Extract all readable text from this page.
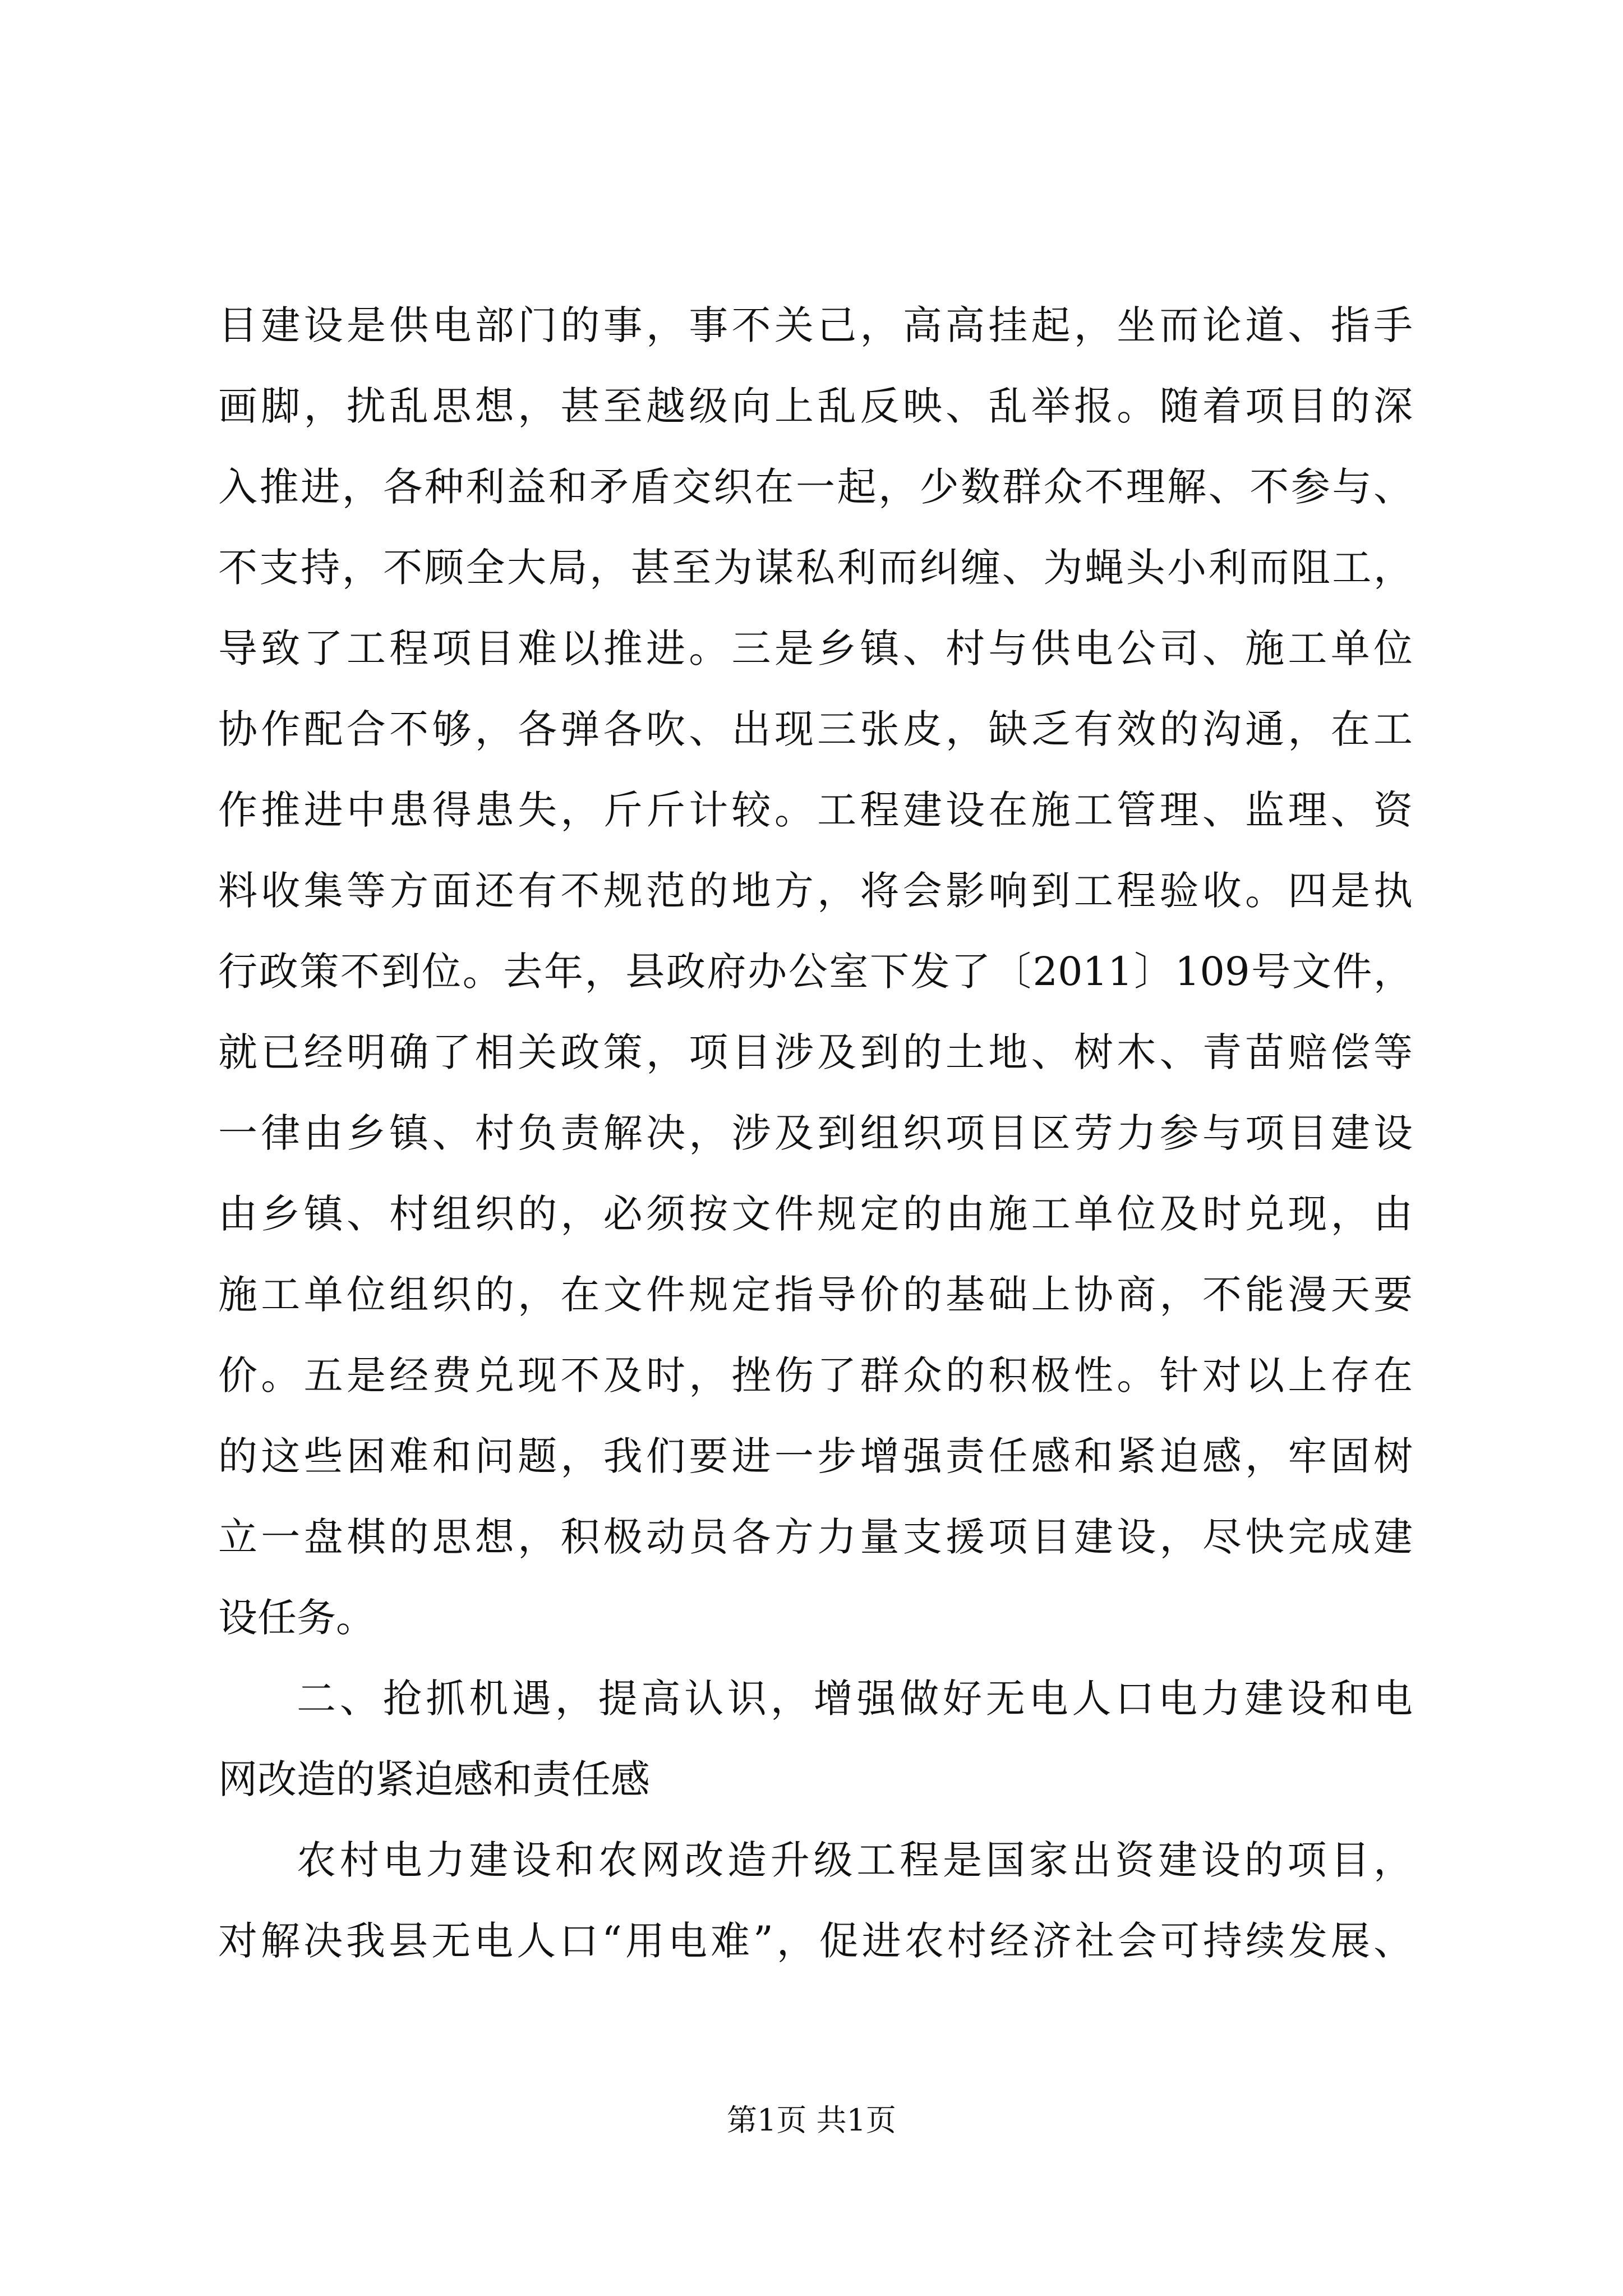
目建设是供电部门的事，事不关己，高高挂起，坐而论道、指手
画脚，扰乱思想，甚至越级向上乱反映、乱举报。随着项目的深
入推进，各种利益和矛盾交织在一起，少数群众不理解、不参与、
不支持，不顾全大局，甚至为谋私利而纠缠、为蝇头小利而阻工，
导致了工程项目难以推进。三是乡镇、村与供电公司、施工单位
协作配合不够，各弹各吹、出现三张皮，缺乏有效的沟通，在工
作推进中患得患失，斤斤计较。工程建设在施工管理、监理、资
料收集等方面还有不规范的地方，将会影响到工程验收。四是执
行政策不到位。去年，县政府办公室下发了〔2011〕109号文件，
就已经明确了相关政策，项目涉及到的土地、树木、青苗赔偿等
一律由乡镇、村负责解决，涉及到组织项目区劳力参与项目建设
由乡镇、村组织的，必须按文件规定的由施工单位及时兑现，由
施工单位组织的，在文件规定指导价的基础上协商，不能漫天要
价。五是经费兑现不及时，挫伤了群众的积极性。针对以上存在
的这些困难和问题，我们要进一步增强责任感和紧迫感，牢固树
立一盘棋的思想，积极动员各方力量支援项目建设，尽快完成建
设任务。
二、抢抓机遇，提高认识，增强做好无电人口电力建设和电
网改造的紧迫感和责任感
农村电力建设和农网改造升级工程是国家出资建设的项目，
对解决我县无电人口“用电难”，促进农村经济社会可持续发展、
第1页 共1页
